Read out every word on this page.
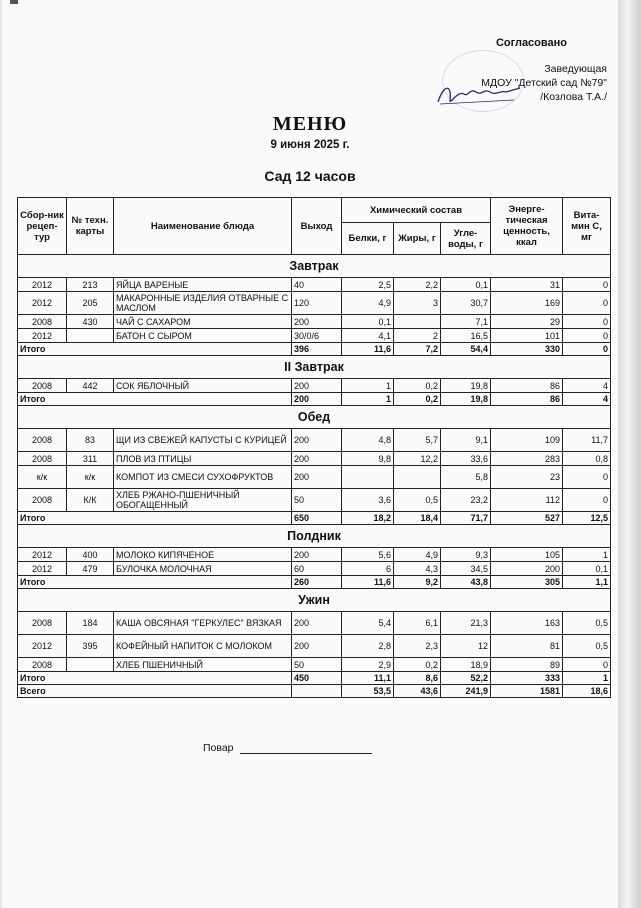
Согласовано
Заведующая
МДОУ "Детский сад №79"
/Козлова Т.А./
МЕНЮ
9 июня 2025 г.
Сад 12 часов
Сбор-ник рецеп-тур	№ техн. карты	Наименование блюда	Выход	Химический состав			Энерге-тическая ценность, ккал	Вита-мин С, мг
				Белки, г	Жиры, г	Угле-воды, г		
Завтрак								
2012	213	ЯЙЦА ВАРЕНЫЕ	40	2,5	2,2	0,1	31	0
2012	205	МАКАРОННЫЕ ИЗДЕЛИЯ ОТВАРНЫЕ С МАСЛОМ	120	4,9	3	30,7	169	0
2008	430	ЧАЙ С САХАРОМ	200	0,1		7,1	29	0
2012		БАТОН С СЫРОМ	30/0/6	4,1	2	16,5	101	0
Итого			396	11,6	7,2	54,4	330	0
II Завтрак								
2008	442	СОК ЯБЛОЧНЫЙ	200	1	0,2	19,8	86	4
Итого			200	1	0,2	19,8	86	4
Обед								
2008	83	ЩИ ИЗ СВЕЖЕЙ КАПУСТЫ С КУРИЦЕЙ	200	4,8	5,7	9,1	109	11,7
2008	311	ПЛОВ ИЗ ПТИЦЫ	200	9,8	12,2	33,6	283	0,8
к/к	к/к	КОМПОТ ИЗ СМЕСИ СУХОФРУКТОВ	200			5,8	23	0
2008	К/К	ХЛЕБ РЖАНО-ПШЕНИЧНЫЙ ОБОГАЩЕННЫЙ	50	3,6	0,5	23,2	112	0
Итого			650	18,2	18,4	71,7	527	12,5
Полдник								
2012	400	МОЛОКО КИПЯЧЕНОЕ	200	5,6	4,9	9,3	105	1
2012	479	БУЛОЧКА МОЛОЧНАЯ	60	6	4,3	34,5	200	0,1
Итого			260	11,6	9,2	43,8	305	1,1
Ужин								
2008	184	КАША ОВСЯНАЯ "ГЕРКУЛЕС" ВЯЗКАЯ	200	5,4	6,1	21,3	163	0,5
2012	395	КОФЕЙНЫЙ НАПИТОК С МОЛОКОМ	200	2,8	2,3	12	81	0,5
2008		ХЛЕБ ПШЕНИЧНЫЙ	50	2,9	0,2	18,9	89	0
Итого			450	11,1	8,6	52,2	333	1
Всего				53,5	43,6	241,9	1581	18,6
Повар
